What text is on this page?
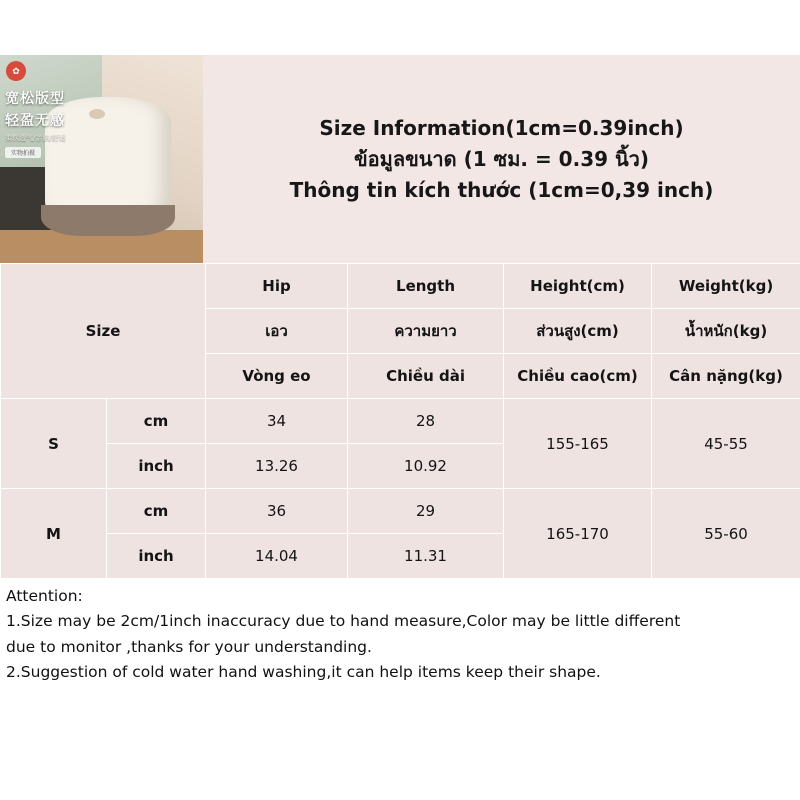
✿
宽松版型
轻盈无感
柔软透气/亲肤/舒适
实物拍摄
Size Information(1cm=0.39inch)
ข้อมูลขนาด (1 ซม. = 0.39 นิ้ว)
Thông tin kích thước (1cm=0,39 inch)
Size		Hip	Length	Height(cm)	Weight(kg)
		เอว	ความยาว	ส่วนสูง(cm)	น้ำหนัก(kg)
		Vòng eo	Chiều dài	Chiều cao(cm)	Cân nặng(kg)
S	cm	34	28	155-165	45-55
	inch	13.26	10.92		
M	cm	36	29	165-170	55-60
	inch	14.04	11.31		

Attention:

1.Size may be 2cm/1inch inaccuracy due to hand measure,Color may be little different

due to monitor ,thanks for your understanding.

2.Suggestion of cold water hand washing,it can help items keep their shape.
